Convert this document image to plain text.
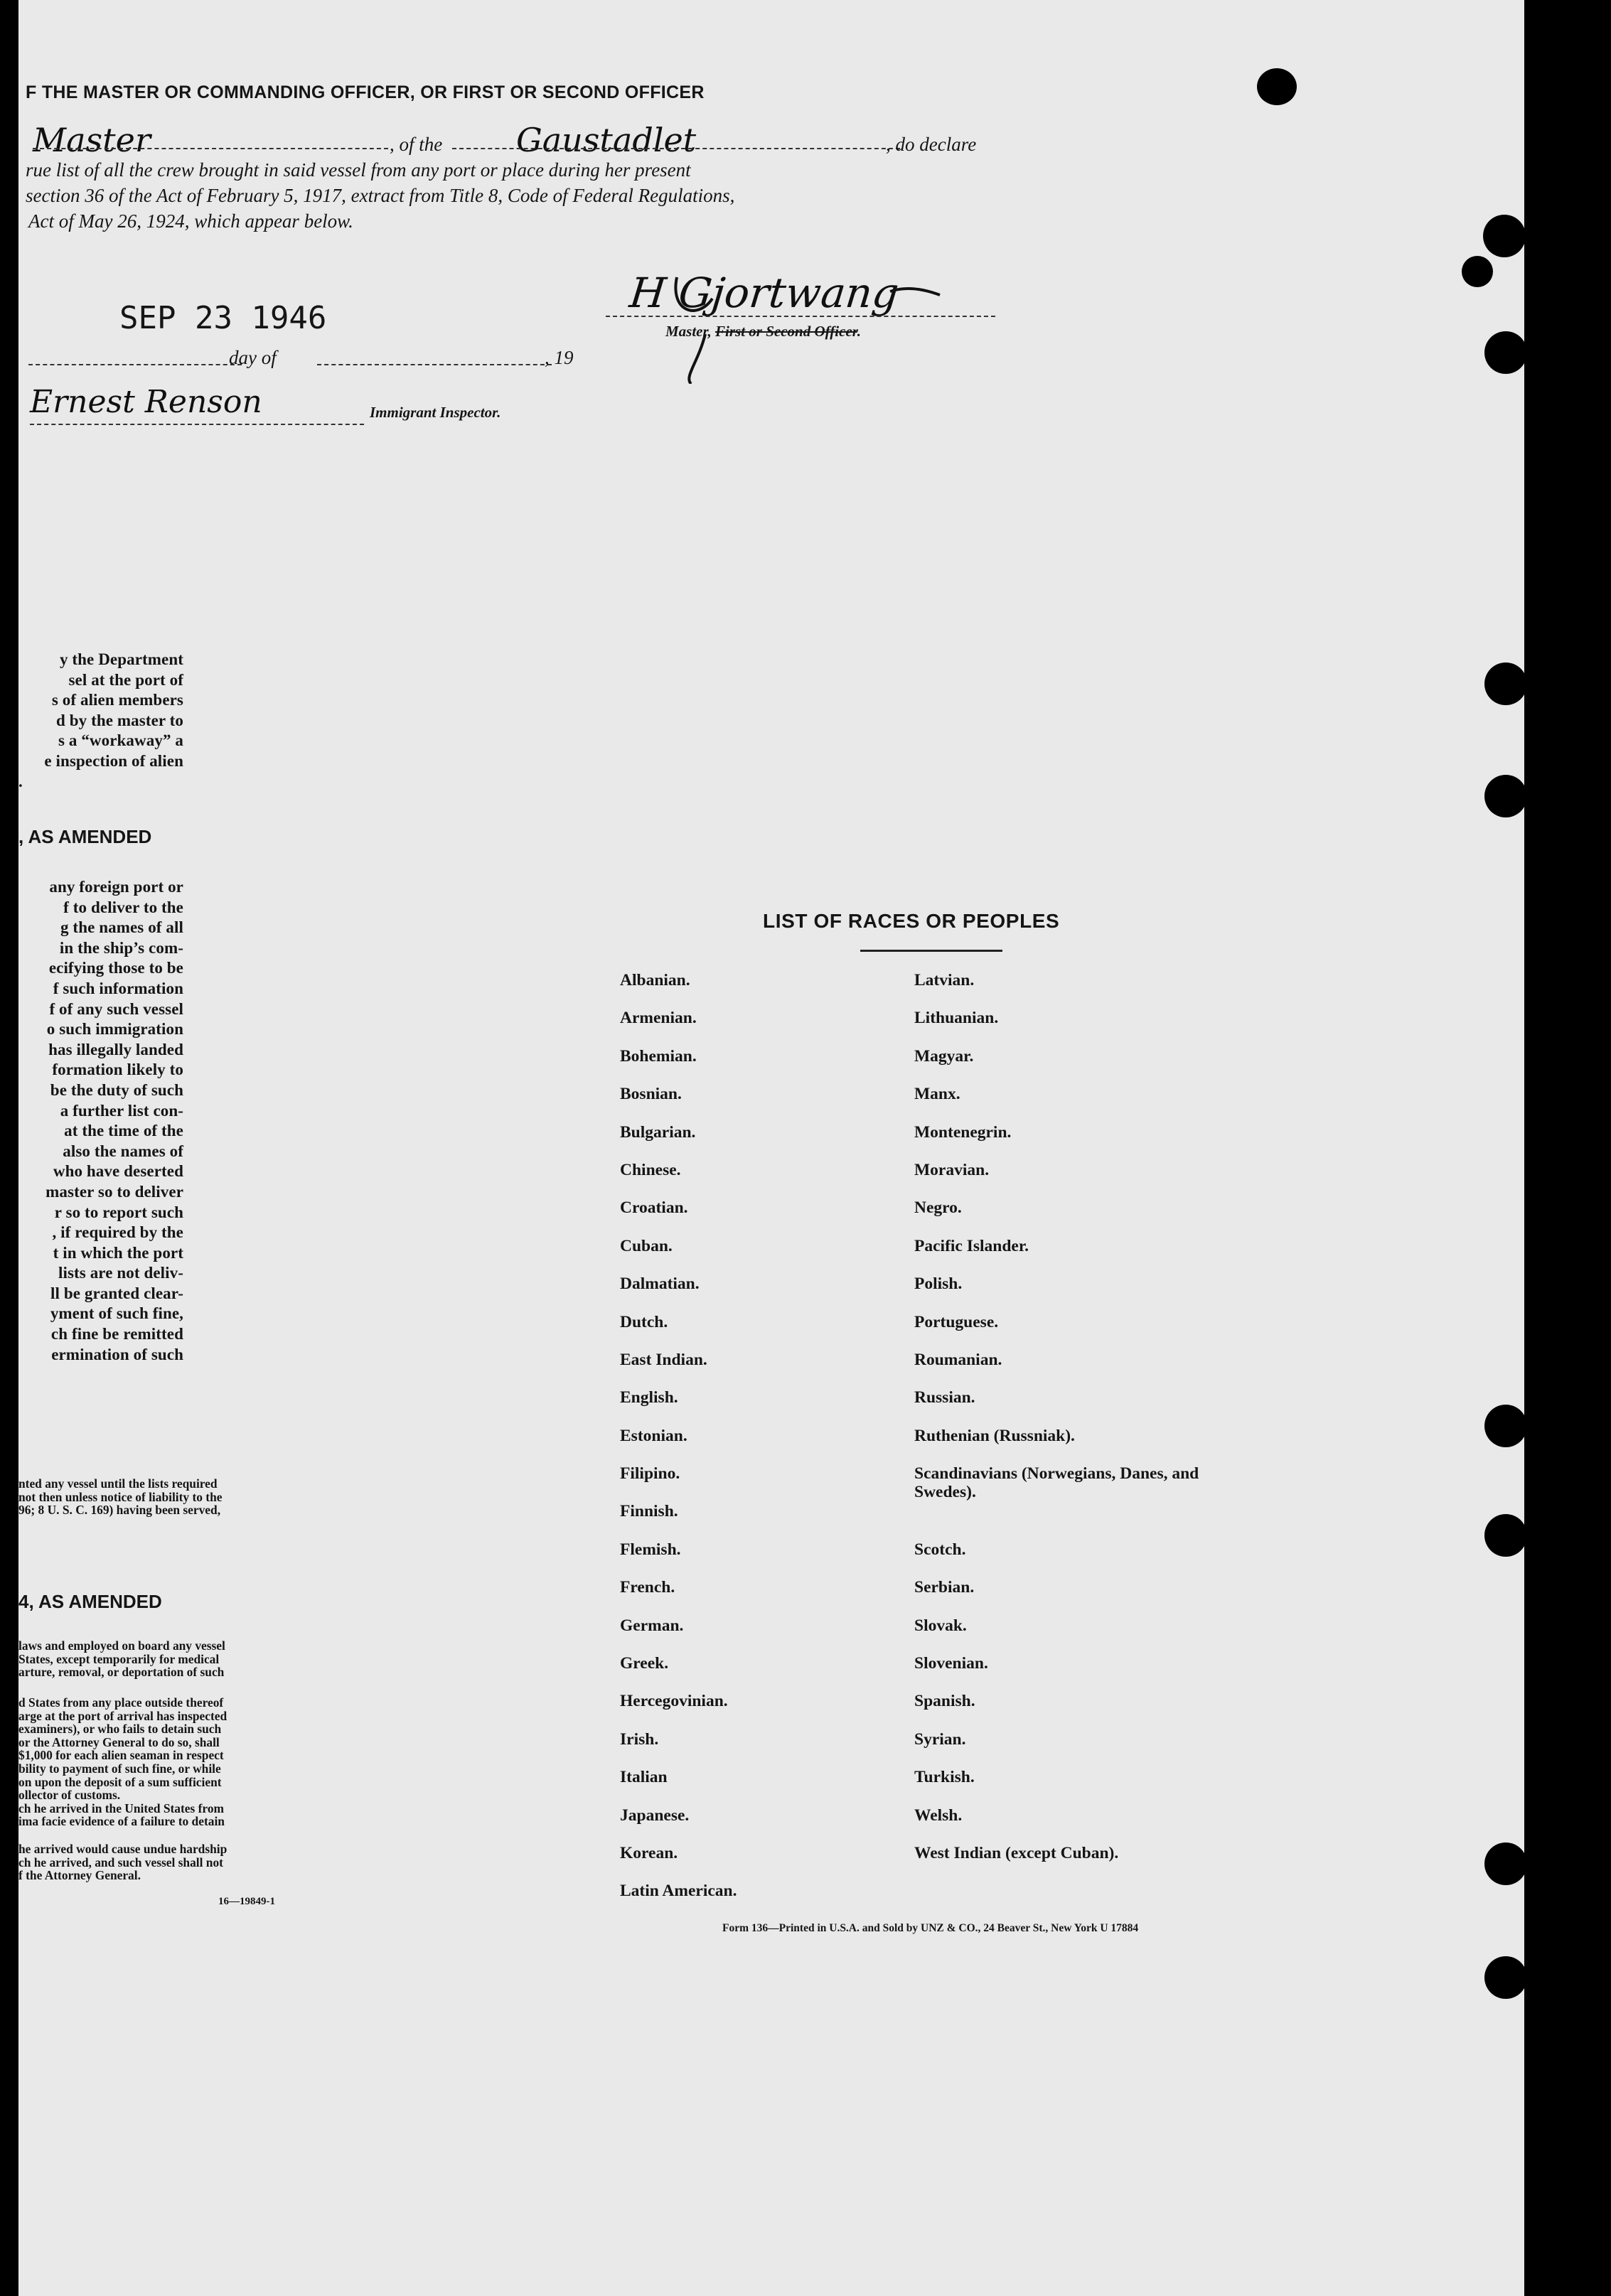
F THE MASTER OR COMMANDING OFFICER, OR FIRST OR SECOND OFFICER
Master	, of the Gaustadlet	, do declare
rue list of all the crew brought in said vessel from any port or place during her present
section 36 of the Act of February 5, 1917, extract from Title 8, Code of Federal Regulations,
Act of May 26, 1924, which appear below.
H Gjortwang
Master, First or Second Officer.
SEP 23 1946
day of	, 19
Ernest Renson	Immigrant Inspector.
y the Department
sel at the port of
s of alien members
d by the master to
s a “workaway” a
e inspection of alien
.
, AS AMENDED
any foreign port or
f to deliver to the
g the names of all
in the ship’s com-
ecifying those to be
f such information
f of any such vessel
o such immigration
has illegally landed
formation likely to
be the duty of such
a further list con-
at the time of the
also the names of
who have deserted
master so to deliver
r so to report such
, if required by the
t in which the port
lists are not deliv-
ll be granted clear-
yment of such fine,
ch fine be remitted
ermination of such
nted any vessel until the lists required
not then unless notice of liability to the
96; 8 U. S. C. 169) having been served,
4, AS AMENDED
laws and employed on board any vessel
States, except temporarily for medical
arture, removal, or deportation of such
d States from any place outside thereof
arge at the port of arrival has inspected
examiners), or who fails to detain such
or the Attorney General to do so, shall
$1,000 for each alien seaman in respect
bility to payment of such fine, or while
on upon the deposit of a sum sufficient
ollector of customs.
ch he arrived in the United States from
ima facie evidence of a failure to detain
he arrived would cause undue hardship
ch he arrived, and such vessel shall not
f the Attorney General.
16—19849-1
LIST OF RACES OR PEOPLES
Albanian.
Armenian.
Bohemian.
Bosnian.
Bulgarian.
Chinese.
Croatian.
Cuban.
Dalmatian.
Dutch.
East Indian.
English.
Estonian.
Filipino.
Finnish.
Flemish.
French.
German.
Greek.
Hercegovinian.
Irish.
Italian
Japanese.
Korean.
Latin American.
Latvian.
Lithuanian.
Magyar.
Manx.
Montenegrin.
Moravian.
Negro.
Pacific Islander.
Polish.
Portuguese.
Roumanian.
Russian.
Ruthenian (Russniak).
Scandinavians (Norwegians, Danes, and Swedes).
Scotch.
Serbian.
Slovak.
Slovenian.
Spanish.
Syrian.
Turkish.
Welsh.
West Indian (except Cuban).
Form 136—Printed in U.S.A. and Sold by UNZ & CO., 24 Beaver St., New York U 17884
